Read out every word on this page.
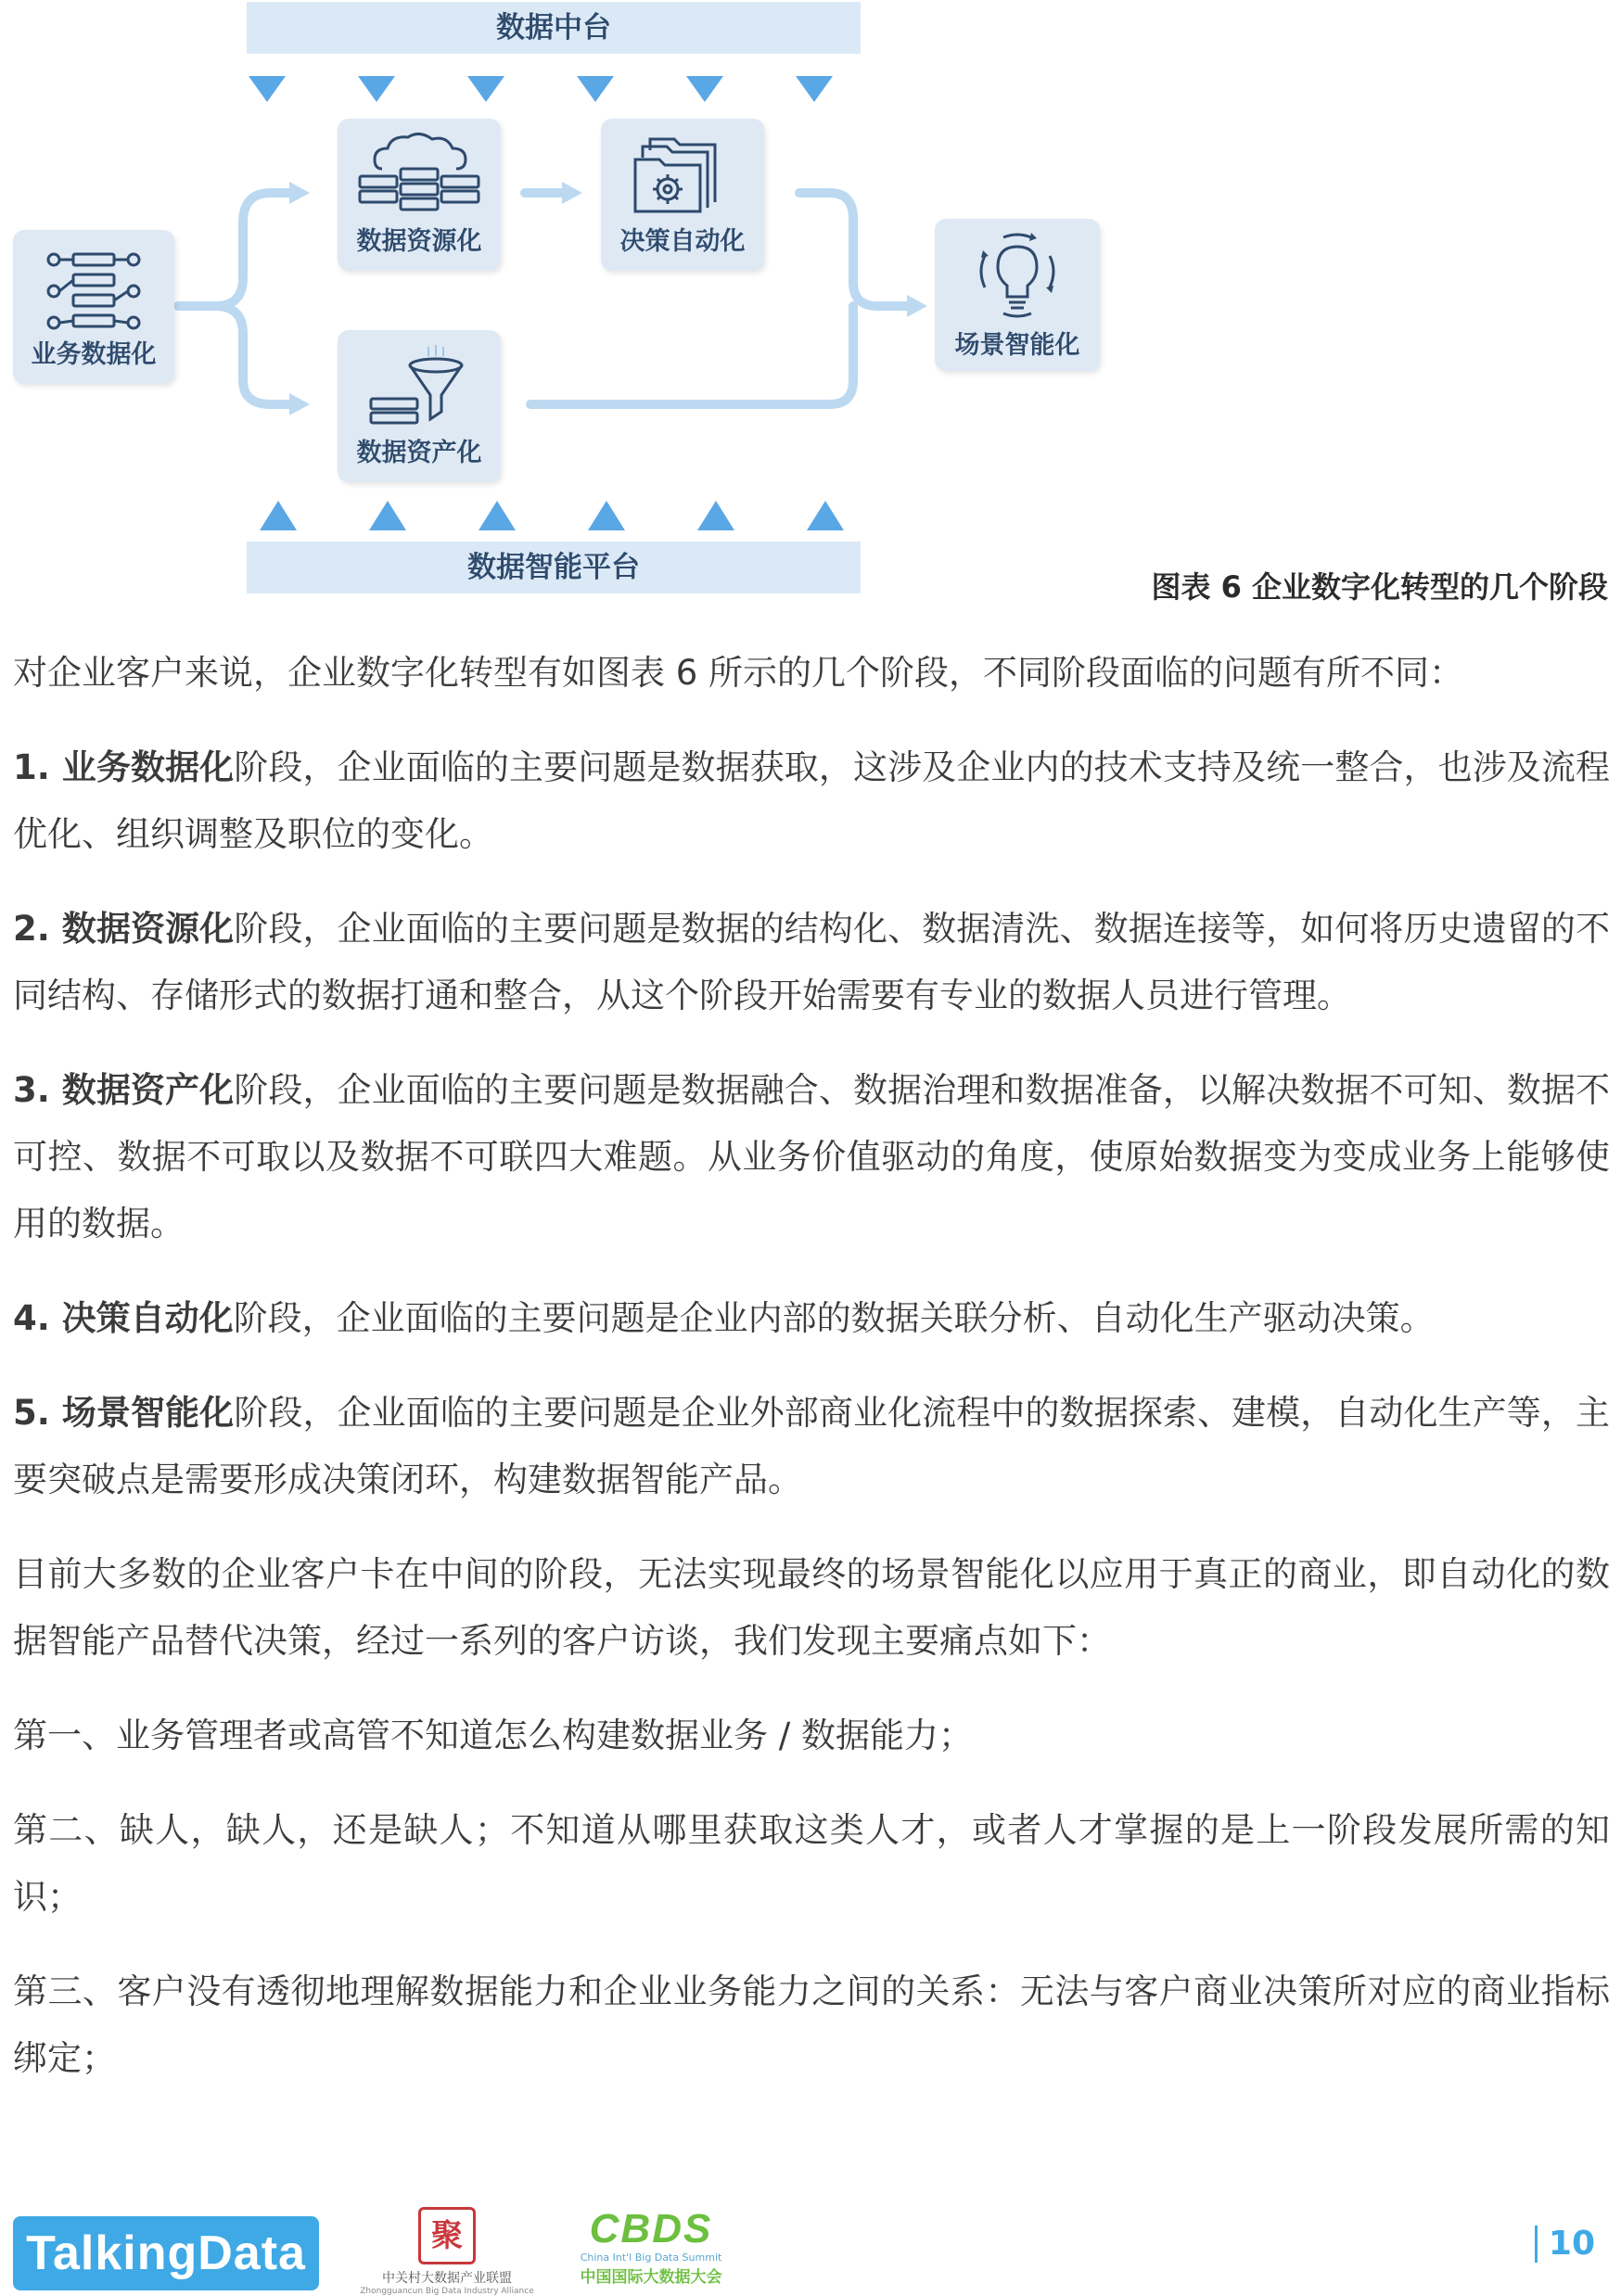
数据中台
数据智能平台
业务数据化
数据资源化	决策自动化
数据资产化
场景智能化
图表 6 企业数字化转型的几个阶段

对企业客户来说，企业数字化转型有如图表 6 所示的几个阶段，不同阶段面临的问题有所不同：

1. 业务数据化阶段，企业面临的主要问题是数据获取，这涉及企业内的技术支持及统一整合，也涉及流程优化、组织调整及职位的变化。

2. 数据资源化阶段，企业面临的主要问题是数据的结构化、数据清洗、数据连接等，如何将历史遗留的不同结构、存储形式的数据打通和整合，从这个阶段开始需要有专业的数据人员进行管理。

3. 数据资产化阶段，企业面临的主要问题是数据融合、数据治理和数据准备，以解决数据不可知、数据不可控、数据不可取以及数据不可联四大难题。从业务价值驱动的角度，使原始数据变为变成业务上能够使用的数据。

4. 决策自动化阶段，企业面临的主要问题是企业内部的数据关联分析、自动化生产驱动决策。

5. 场景智能化阶段，企业面临的主要问题是企业外部商业化流程中的数据探索、建模，自动化生产等，主要突破点是需要形成决策闭环，构建数据智能产品。

目前大多数的企业客户卡在中间的阶段，无法实现最终的场景智能化以应用于真正的商业，即自动化的数据智能产品替代决策，经过一系列的客户访谈，我们发现主要痛点如下：

第一、业务管理者或高管不知道怎么构建数据业务 / 数据能力；

第二、缺人，缺人，还是缺人；不知道从哪里获取这类人才，或者人才掌握的是上一阶段发展所需的知识；

第三、客户没有透彻地理解数据能力和企业业务能力之间的关系：无法与客户商业决策所对应的商业指标绑定；

TalkingData	聚
中关村大数据产业联盟
Zhongguancun Big Data Industry Alliance
CBDS
China Int'l Big Data Summit
中国国际大数据大会
10
